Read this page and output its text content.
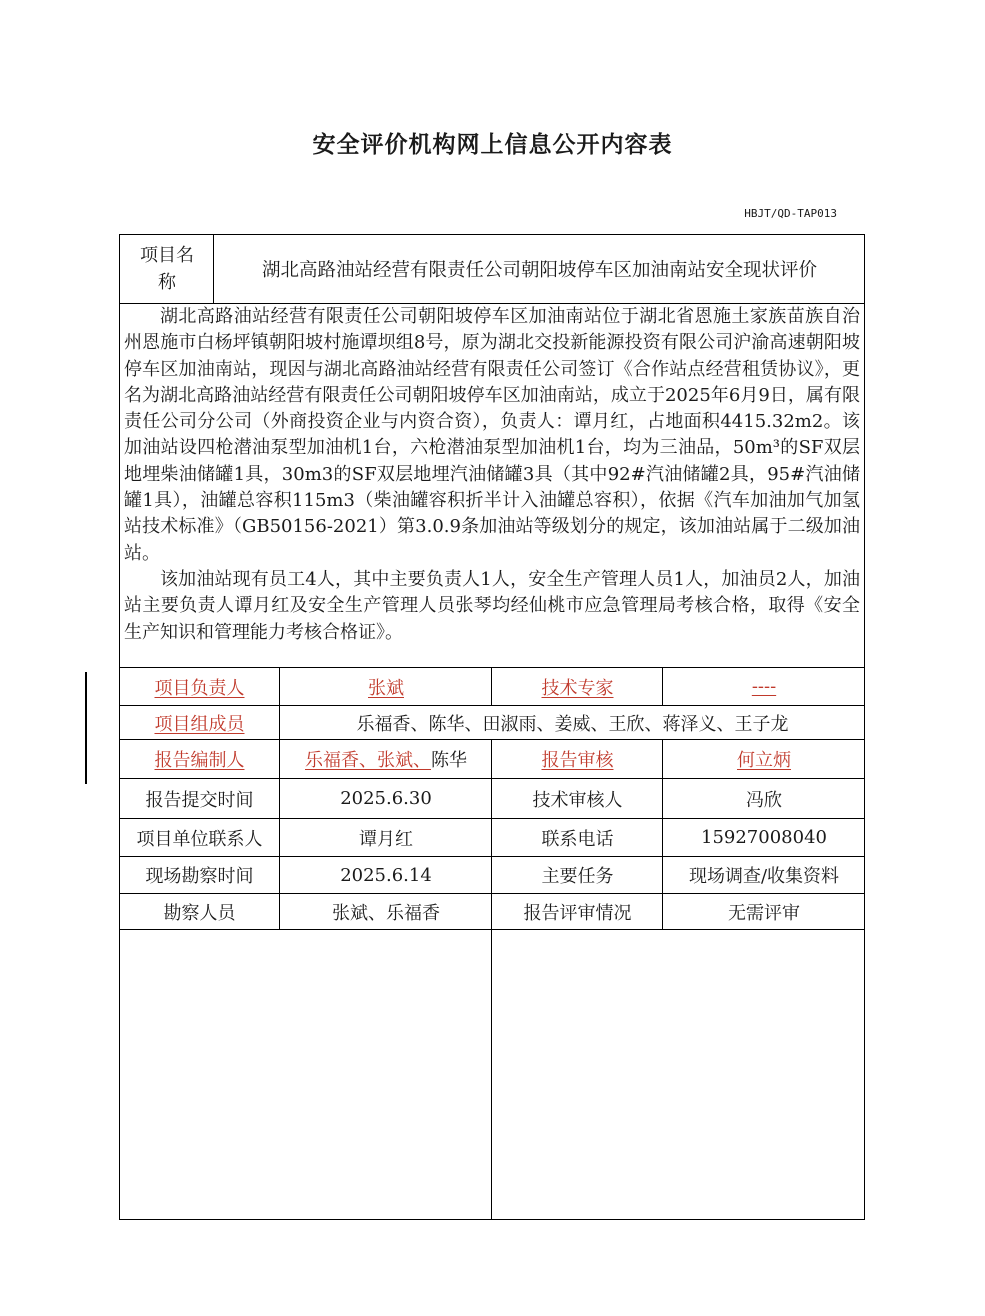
安全评价机构网上信息公开内容表
HBJT/QD-TAP013
项目名称
湖北高路油站经营有限责任公司朝阳坡停车区加油南站安全现状评价

湖北高路油站经营有限责任公司朝阳坡停车区加油南站位于湖北省恩施土家族苗族自治州恩施市白杨坪镇朝阳坡村施谭坝组8号，原为湖北交投新能源投资有限公司沪渝高速朝阳坡停车区加油南站，现因与湖北高路油站经营有限责任公司签订《合作站点经营租赁协议》，更名为湖北高路油站经营有限责任公司朝阳坡停车区加油南站，成立于2025年6月9日，属有限责任公司分公司（外商投资企业与内资合资），负责人：谭月红，占地面积4415.32m2。该加油站设四枪潜油泵型加油机1台，六枪潜油泵型加油机1台，均为三油品，50m³的SF双层地埋柴油储罐1具，30m3的SF双层地埋汽油储罐3具（其中92#汽油储罐2具，95#汽油储罐1具），油罐总容积115m3（柴油罐容积折半计入油罐总容积），依据《汽车加油加气加氢站技术标准》（GB50156-2021）第3.0.9条加油站等级划分的规定，该加油站属于二级加油站。

该加油站现有员工4人，其中主要负责人1人，安全生产管理人员1人，加油员2人，加油站主要负责人谭月红及安全生产管理人员张琴均经仙桃市应急管理局考核合格，取得《安全生产知识和管理能力考核合格证》。

项目负责人	张斌	技术专家	----
项目组成员	乐福香、陈华、田淑雨、姜威、王欣、蒋泽义、王子龙
报告编制人	乐福香 、 张斌 、 陈华	报告审核	何立炳
报告提交时间	2025.6.30	技术审核人	冯欣
项目单位联系人	谭月红	联系电话	15927008040
现场勘察时间	2025.6.14	主要任务	现场调查/收集资料
勘察人员	张斌、乐福香	报告评审情况	无需评审
